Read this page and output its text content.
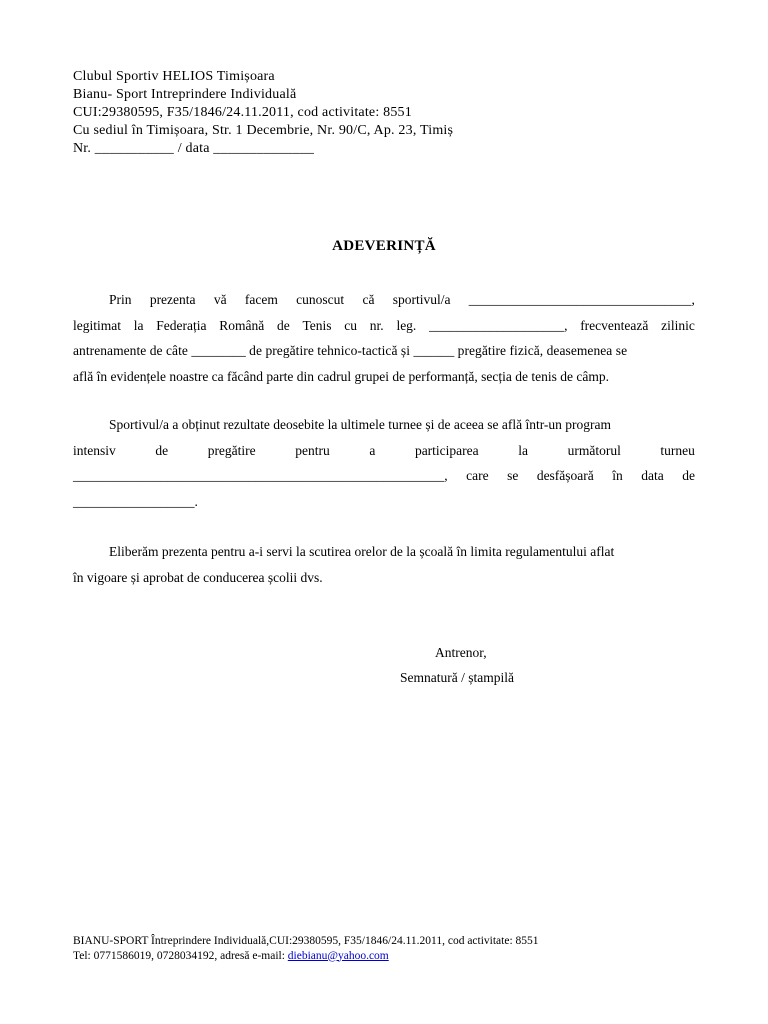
Clubul Sportiv HELIOS Timișoara
Bianu- Sport Intreprindere Individuală
CUI:29380595, F35/1846/24.11.2011, cod activitate: 8551
Cu sediul în Timișoara, Str. 1 Decembrie, Nr. 90/C, Ap. 23, Timiș
Nr. ___________ / data ______________
ADEVERINȚĂ
Prin prezenta vă facem cunoscut că sportivul/a _________________________________,
legitimat la Federația Română de Tenis cu nr. leg. ____________________, frecventează zilinic
antrenamente de câte ________ de pregătire tehnico-tactică și ______ pregătire fizică, deasemenea se
află în evidențele noastre ca făcând parte din cadrul grupei de performanță, secția de tenis de câmp.
Sportivul/a a obținut rezultate deosebite la ultimele turnee și de aceea se află într-un program
intensiv	de	pregătire	pentru	a	participarea	la	următorul	turneu
_______________________________________________________, care se desfășoară în data de
__________________.
Eliberăm prezenta pentru a-i servi la scutirea orelor de la școală în limita regulamentului aflat
în vigoare și aprobat de conducerea școlii dvs.
Antrenor,
Semnatură / ștampilă
BIANU-SPORT Întreprindere Individuală,CUI:29380595, F35/1846/24.11.2011, cod activitate: 8551
Tel: 0771586019, 0728034192, adresă e-mail: diebianu@yahoo.com
